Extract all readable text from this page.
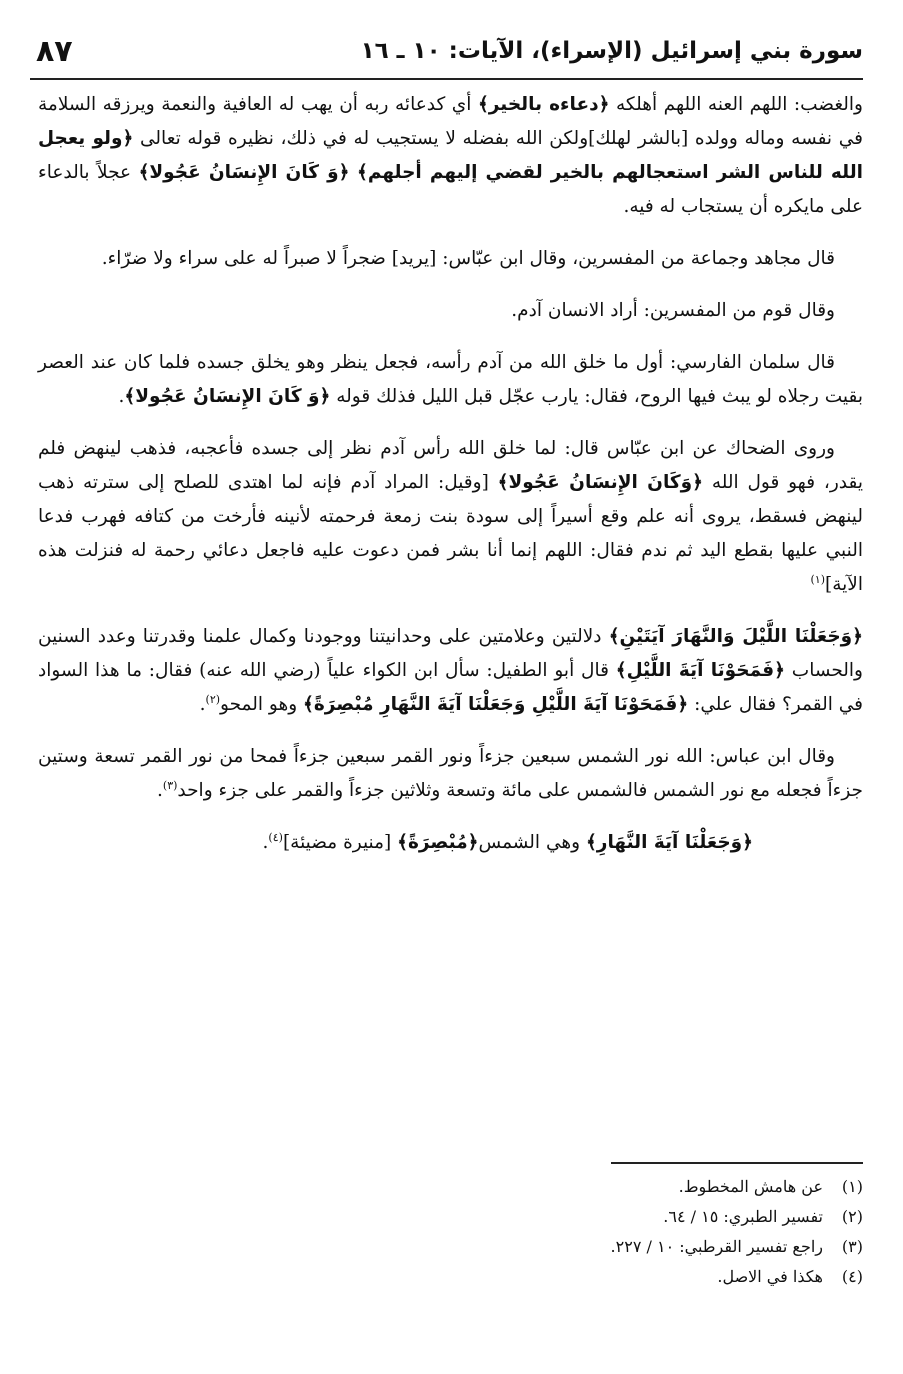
٨٧	سورة بني إسرائيل (الإسراء)، الآيات: ١٠ ـ ١٦

والغضب: اللهم العنه اللهم أهلكه ﴿دعاءه بالخير﴾ أي كدعائه ربه أن يهب له العافية والنعمة ويرزقه السلامة في نفسه وماله وولده [بالشر لهلك]ولكن الله بفضله لا يستجيب له في ذلك، نظيره قوله تعالى ﴿ولو يعجل الله للناس الشر استعجالهم بالخير لقضي إليهم أجلهم﴾ ﴿وَ كَانَ الإِنسَانُ عَجُولا﴾ عجلاً بالدعاء على مايكره أن يستجاب له فيه.

قال مجاهد وجماعة من المفسرين، وقال ابن عبّاس: [يريد] ضجراً لا صبراً له على سراء ولا ضرّاء.

وقال قوم من المفسرين: أراد الانسان آدم.

قال سلمان الفارسي: أول ما خلق الله من آدم رأسه، فجعل ينظر وهو يخلق جسده فلما كان عند العصر بقيت رجلاه لو يبث فيها الروح، فقال: يارب عجّل قبل الليل فذلك قوله ﴿وَ كَانَ الإِنسَانُ عَجُولا﴾.

وروى الضحاك عن ابن عبّاس قال: لما خلق الله رأس آدم نظر إلى جسده فأعجبه، فذهب لينهض فلم يقدر، فهو قول الله ﴿وَكَانَ الإِنسَانُ عَجُولا﴾ [وقيل: المراد آدم فإنه لما اهتدى للصلح إلى سترته ذهب لينهض فسقط، يروى أنه علم وقع أسيراً إلى سودة بنت زمعة فرحمته لأنينه فأرخت من كتافه فهرب فدعا النبي عليها بقطع اليد ثم ندم فقال: اللهم إنما أنا بشر فمن دعوت عليه فاجعل دعائي رحمة له فنزلت هذه الآية]$^{(١)}$

﴿وَجَعَلْنَا اللَّيْلَ وَالنَّهَارَ آيَتَيْنِ﴾ دلالتين وعلامتين على وحدانيتنا ووجودنا وكمال علمنا وقدرتنا وعدد السنين والحساب ﴿فَمَحَوْنَا آيَةَ اللَّيْلِ﴾ قال أبو الطفيل: سأل ابن الكواء علياً (رضي الله عنه) فقال: ما هذا السواد في القمر؟ فقال علي: ﴿فَمَحَوْنَا آيَةَ اللَّيْلِ وَجَعَلْنَا آيَةَ النَّهَارِ مُبْصِرَةً﴾ وهو المحو$^{(٢)}$.

وقال ابن عباس: الله نور الشمس سبعين جزءاً ونور القمر سبعين جزءاً فمحا من نور القمر تسعة وستين جزءاً فجعله مع نور الشمس فالشمس على مائة وتسعة وثلاثين جزءاً والقمر على جزء واحد$^{(٣)}$.

﴿وَجَعَلْنَا آيَةَ النَّهَارِ﴾ وهي الشمس﴿مُبْصِرَةً﴾ [منيرة مضيئة]$^{(٤)}$.

(١)
عن هامش المخطوط.
(٢)
تفسير الطبري: ١٥ / ٦٤.
(٣)
راجع تفسير القرطبي: ١٠ / ٢٢٧.
(٤)
هكذا في الاصل.
